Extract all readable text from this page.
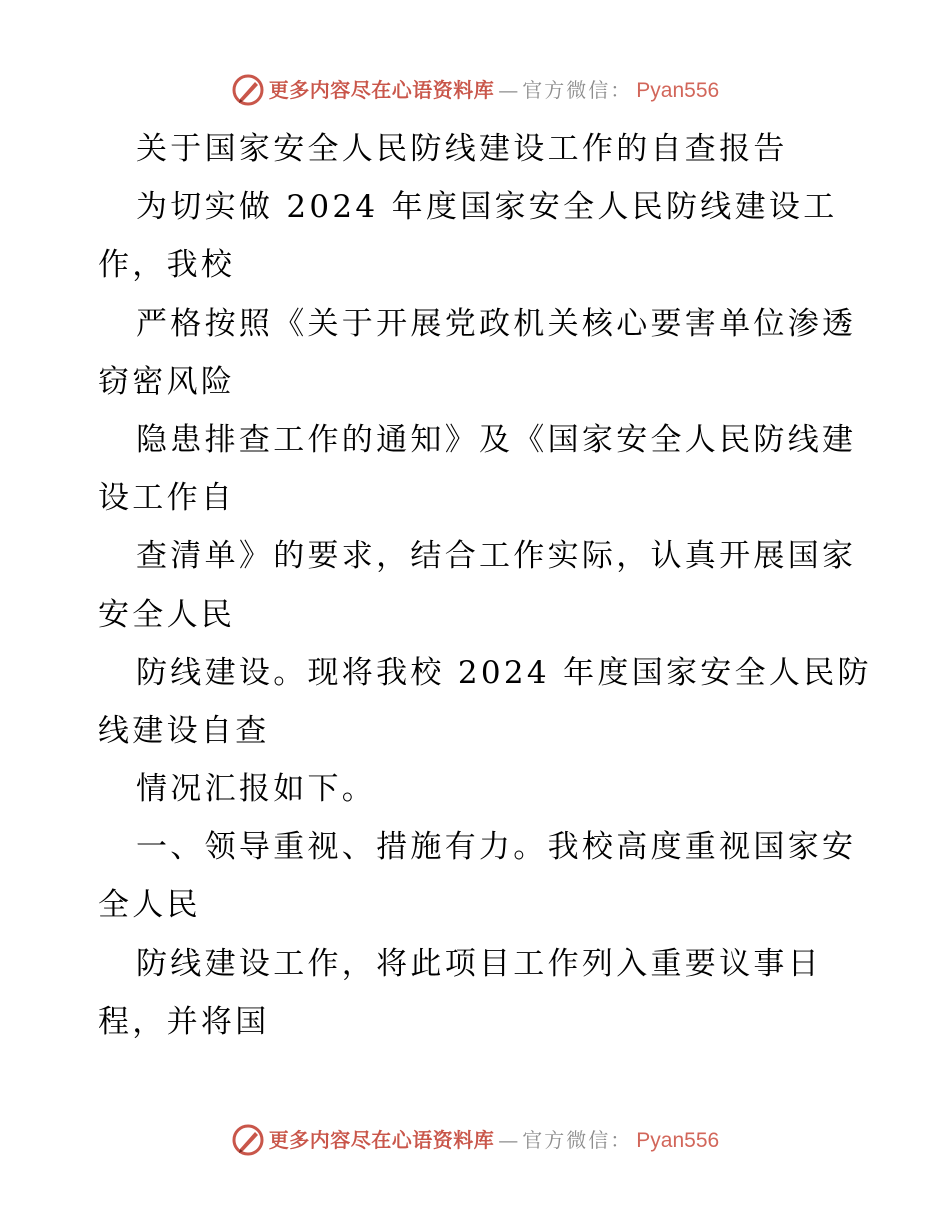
更多内容尽在心语资料库 — 官方微信： Pyan556
关于国家安全人民防线建设工作的自查报告
为切实做 2024 年度国家安全人民防线建设工
作，我校
严格按照《关于开展党政机关核心要害单位渗透
窃密风险
隐患排查工作的通知》及《国家安全人民防线建
设工作自
查清单》的要求，结合工作实际，认真开展国家
安全人民
防线建设。现将我校 2024 年度国家安全人民防
线建设自查
情况汇报如下。
一、领导重视、措施有力。我校高度重视国家安
全人民
防线建设工作，将此项目工作列入重要议事日
程，并将国
更多内容尽在心语资料库 — 官方微信： Pyan556
